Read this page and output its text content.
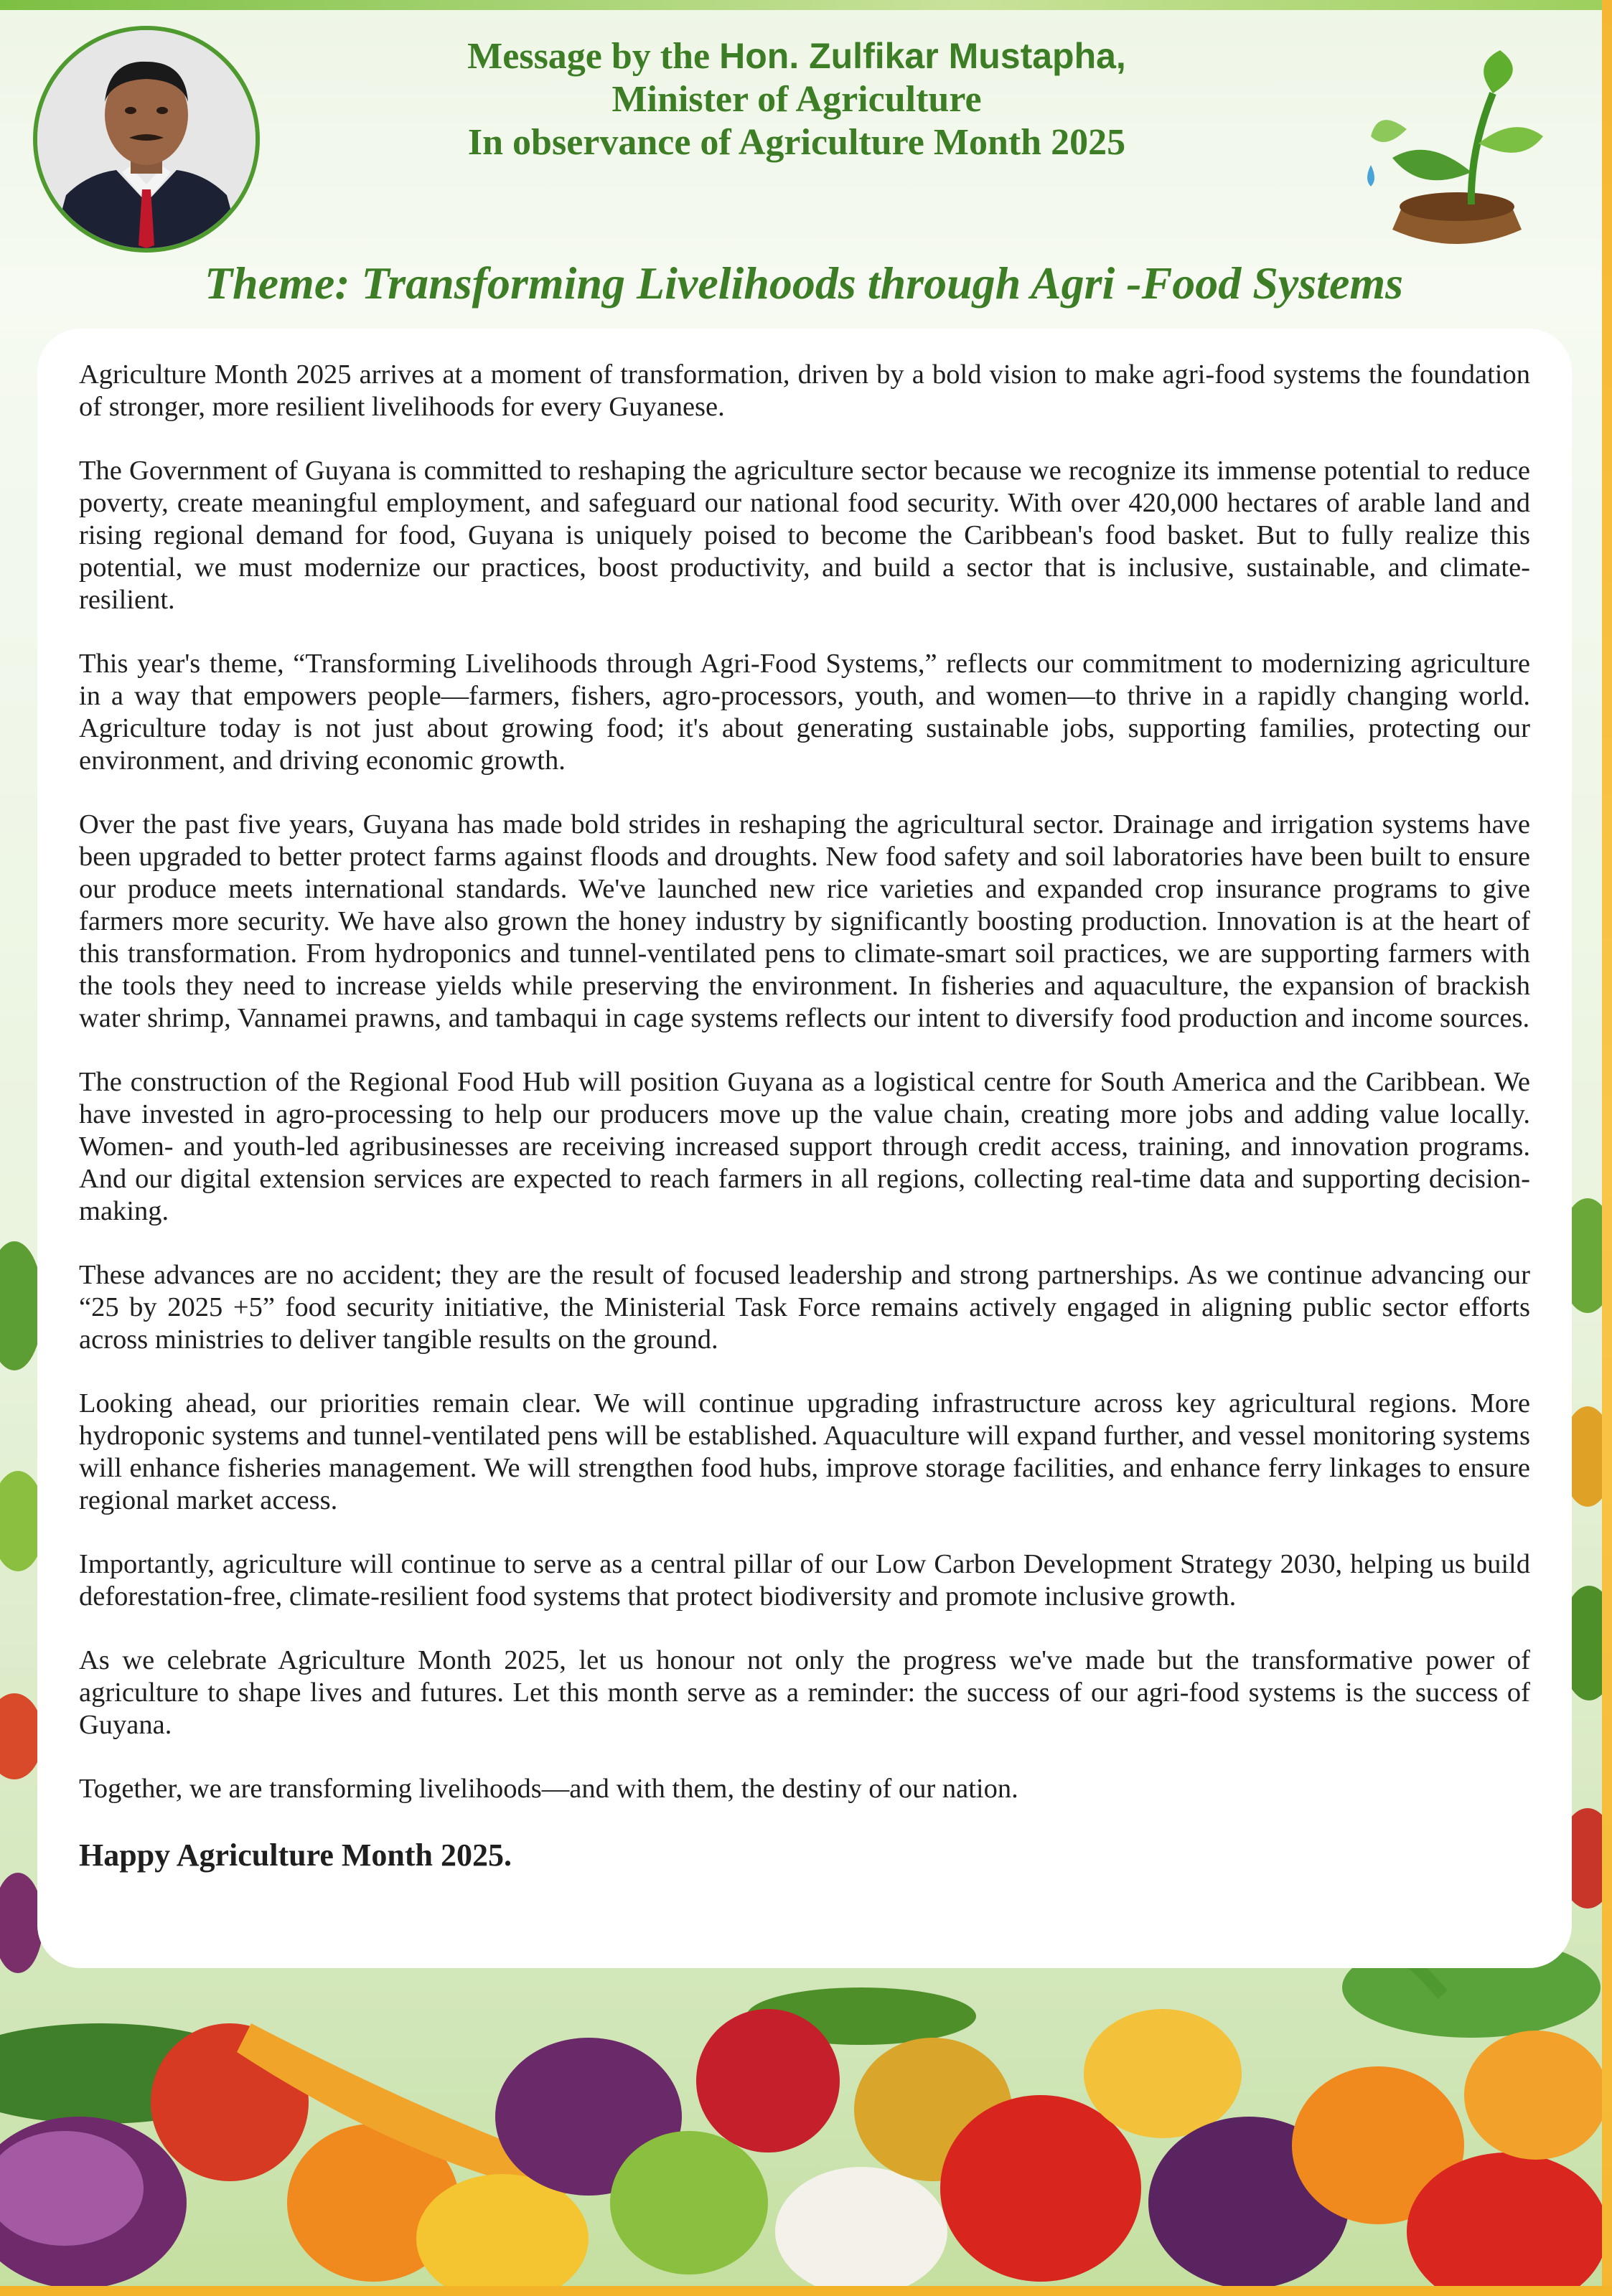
Message by the Hon. Zulfikar Mustapha,
Minister of Agriculture
In observance of Agriculture Month 2025
Theme: Transforming Livelihoods through Agri -Food Systems

Agriculture Month 2025 arrives at a moment of transformation, driven by a bold vision to make agri-food systems the foundation of stronger, more resilient livelihoods for every Guyanese.

The Government of Guyana is committed to reshaping the agriculture sector because we recognize its immense potential to reduce poverty, create meaningful employment, and safeguard our national food security. With over 420,000 hectares of arable land and rising regional demand for food, Guyana is uniquely poised to become the Caribbean's food basket. But to fully realize this potential, we must modernize our practices, boost productivity, and build a sector that is inclusive, sustainable, and climate-resilient.

This year's theme, “Transforming Livelihoods through Agri-Food Systems,” reflects our commitment to modernizing agriculture in a way that empowers people—farmers, fishers, agro-processors, youth, and women—to thrive in a rapidly changing world. Agriculture today is not just about growing food; it's about generating sustainable jobs, supporting families, protecting our environment, and driving economic growth.

Over the past five years, Guyana has made bold strides in reshaping the agricultural sector. Drainage and irrigation systems have been upgraded to better protect farms against floods and droughts. New food safety and soil laboratories have been built to ensure our produce meets international standards. We've launched new rice varieties and expanded crop insurance programs to give farmers more security. We have also grown the honey industry by significantly boosting production. Innovation is at the heart of this transformation. From hydroponics and tunnel-ventilated pens to climate-smart soil practices, we are supporting farmers with the tools they need to increase yields while preserving the environment. In fisheries and aquaculture, the expansion of brackish water shrimp, Vannamei prawns, and tambaqui in cage systems reflects our intent to diversify food production and income sources.

The construction of the Regional Food Hub will position Guyana as a logistical centre for South America and the Caribbean. We have invested in agro-processing to help our producers move up the value chain, creating more jobs and adding value locally. Women- and youth-led agribusinesses are receiving increased support through credit access, training, and innovation programs. And our digital extension services are expected to reach farmers in all regions, collecting real-time data and supporting decision-making.

These advances are no accident; they are the result of focused leadership and strong partnerships. As we continue advancing our “25 by 2025 +5” food security initiative, the Ministerial Task Force remains actively engaged in aligning public sector efforts across ministries to deliver tangible results on the ground.

Looking ahead, our priorities remain clear. We will continue upgrading infrastructure across key agricultural regions. More hydroponic systems and tunnel-ventilated pens will be established. Aquaculture will expand further, and vessel monitoring systems will enhance fisheries management. We will strengthen food hubs, improve storage facilities, and enhance ferry linkages to ensure regional market access.

Importantly, agriculture will continue to serve as a central pillar of our Low Carbon Development Strategy 2030, helping us build deforestation-free, climate-resilient food systems that protect biodiversity and promote inclusive growth.

As we celebrate Agriculture Month 2025, let us honour not only the progress we've made but the transformative power of agriculture to shape lives and futures. Let this month serve as a reminder: the success of our agri-food systems is the success of Guyana.

Together, we are transforming livelihoods—and with them, the destiny of our nation.

Happy Agriculture Month 2025.
